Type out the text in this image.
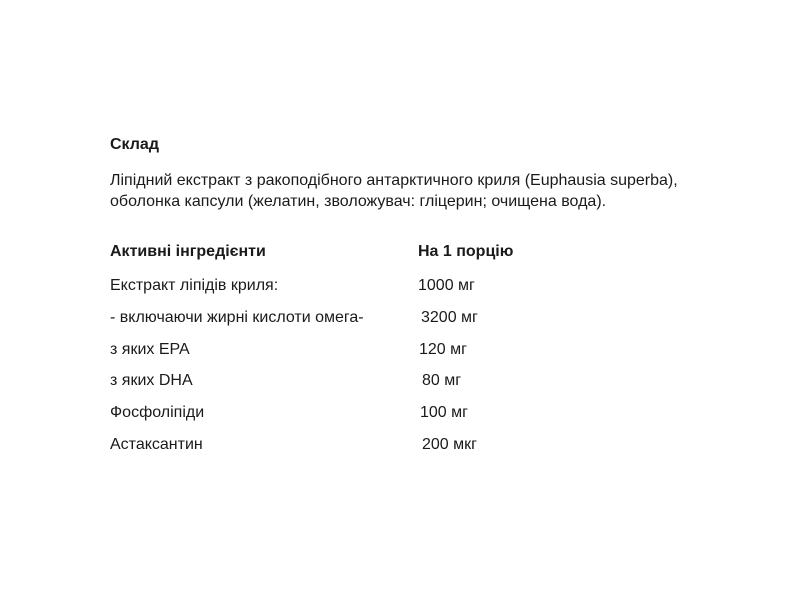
Склад
Ліпідний екстракт з ракоподібного антарктичного криля (Euphausia superba), оболонка капсули (желатин, зволожувач: гліцерин; очищена вода).
Активні інгредієнти	На 1 порцію
Екстракт ліпідів криля:	1000 мг
- включаючи жирні кислоти омега-	3200 мг
з яких EPA	120 мг
з яких DHA	80 мг
Фосфоліпіди	100 мг
Астаксантин	200 мкг
